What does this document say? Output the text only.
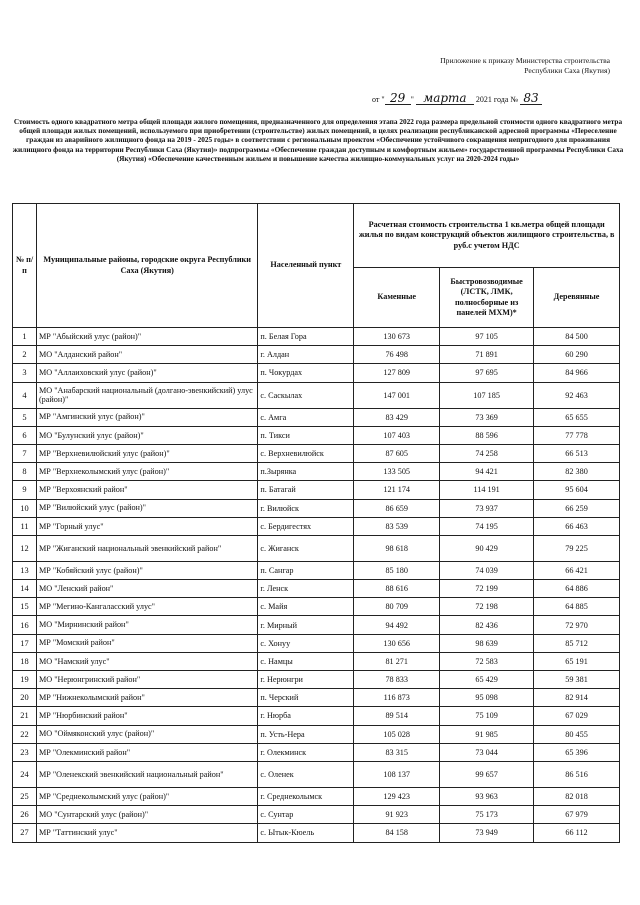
Приложение к приказу Министерства строительства
Республики Саха (Якутия)
от " 29 " марта 2021 года № 83
Стоимость одного квадратного метра общей площади жилого помещения, предназначенного для определения этапа 2022 года размера предельной стоимости одного квадратного метра общей площади жилых помещений, используемого при приобретении (строительстве) жилых помещений, в целях реализации республиканской адресной программы «Переселение граждан из аварийного жилищного фонда на 2019 - 2025 годы» в соответствии с региональным проектом «Обеспечение устойчивого сокращения непригодного для проживания жилищного фонда на территории Республики Саха (Якутия)» подпрограммы «Обеспечение граждан доступным и комфортным жильем» государственной программы Республики Саха (Якутия) «Обеспечение качественным жильем и повышение качества жилищно-коммунальных услуг на 2020-2024 годы»
№ п/п	Муниципальные районы, городские округа Республики Саха (Якутия)	Населенный пункт	Расчетная стоимость строительства 1 кв.метра общей площади жилья по видам конструкций объектов жилищного строительства, в руб.с учетом НДС		
			Каменные	Быстровозводимые (ЛСТК, ЛМК, полносборные из панелей МХМ)*	Деревянные
1	МР "Абыйский улус (район)"	п. Белая Гора	130 673	97 105	84 500
2	МО "Алданский район"	г. Алдан	76 498	71 891	60 290
3	МО "Аллаиховский улус (район)"	п. Чокурдах	127 809	97 695	84 966
4	МО "Анабарский национальный (долгано-эвенкийский) улус (район)"	с. Саскылах	147 001	107 185	92 463
5	МР "Амгинский улус (район)"	с. Амга	83 429	73 369	65 655
6	МО "Булунский улус (район)"	п. Тикси	107 403	88 596	77 778
7	МР "Верхневилюйский улус (район)"	с. Верхневилюйск	87 605	74 258	66 513
8	МР "Верхнеколымский улус (район)"	п.Зырянка	133 505	94 421	82 380
9	МР "Верхоянский район"	п. Батагай	121 174	114 191	95 604
10	МР "Вилюйский улус (район)"	г. Вилюйск	86 659	73 937	66 259
11	МР "Горный улус"	с. Бердигестях	83 539	74 195	66 463
12	МР "Жиганский национальный эвенкийский район"	с. Жиганск	98 618	90 429	79 225
13	МР "Кобяйский улус (район)"	п. Сангар	85 180	74 039	66 421
14	МО "Ленский район"	г. Ленск	88 616	72 199	64 886
15	МР "Мегино-Кангаласский улус"	с. Майя	80 709	72 198	64 885
16	МО "Мирнинский район"	г. Мирный	94 492	82 436	72 970
17	МР "Момский район"	с. Хонуу	130 656	98 639	85 712
18	МО "Намский улус"	с. Намцы	81 271	72 583	65 191
19	МО "Нерюнгринский район"	г. Нерюнгри	78 833	65 429	59 381
20	МР "Нижнеколымский район"	п. Черский	116 873	95 098	82 914
21	МР "Нюрбинский район"	г. Нюрба	89 514	75 109	67 029
22	МО "Оймяконский улус (район)"	п. Усть-Нера	105 028	91 985	80 455
23	МР "Олекминский район"	г. Олекминск	83 315	73 044	65 396
24	МР "Оленекский эвенкийский национальный район"	с. Оленек	108 137	99 657	86 516
25	МР "Среднеколымский улус (район)"	г. Среднеколымск	129 423	93 963	82 018
26	МО "Сунтарский улус (район)"	с. Сунтар	91 923	75 173	67 979
27	МР "Таттинский улус"	с. Ытык-Кюель	84 158	73 949	66 112
